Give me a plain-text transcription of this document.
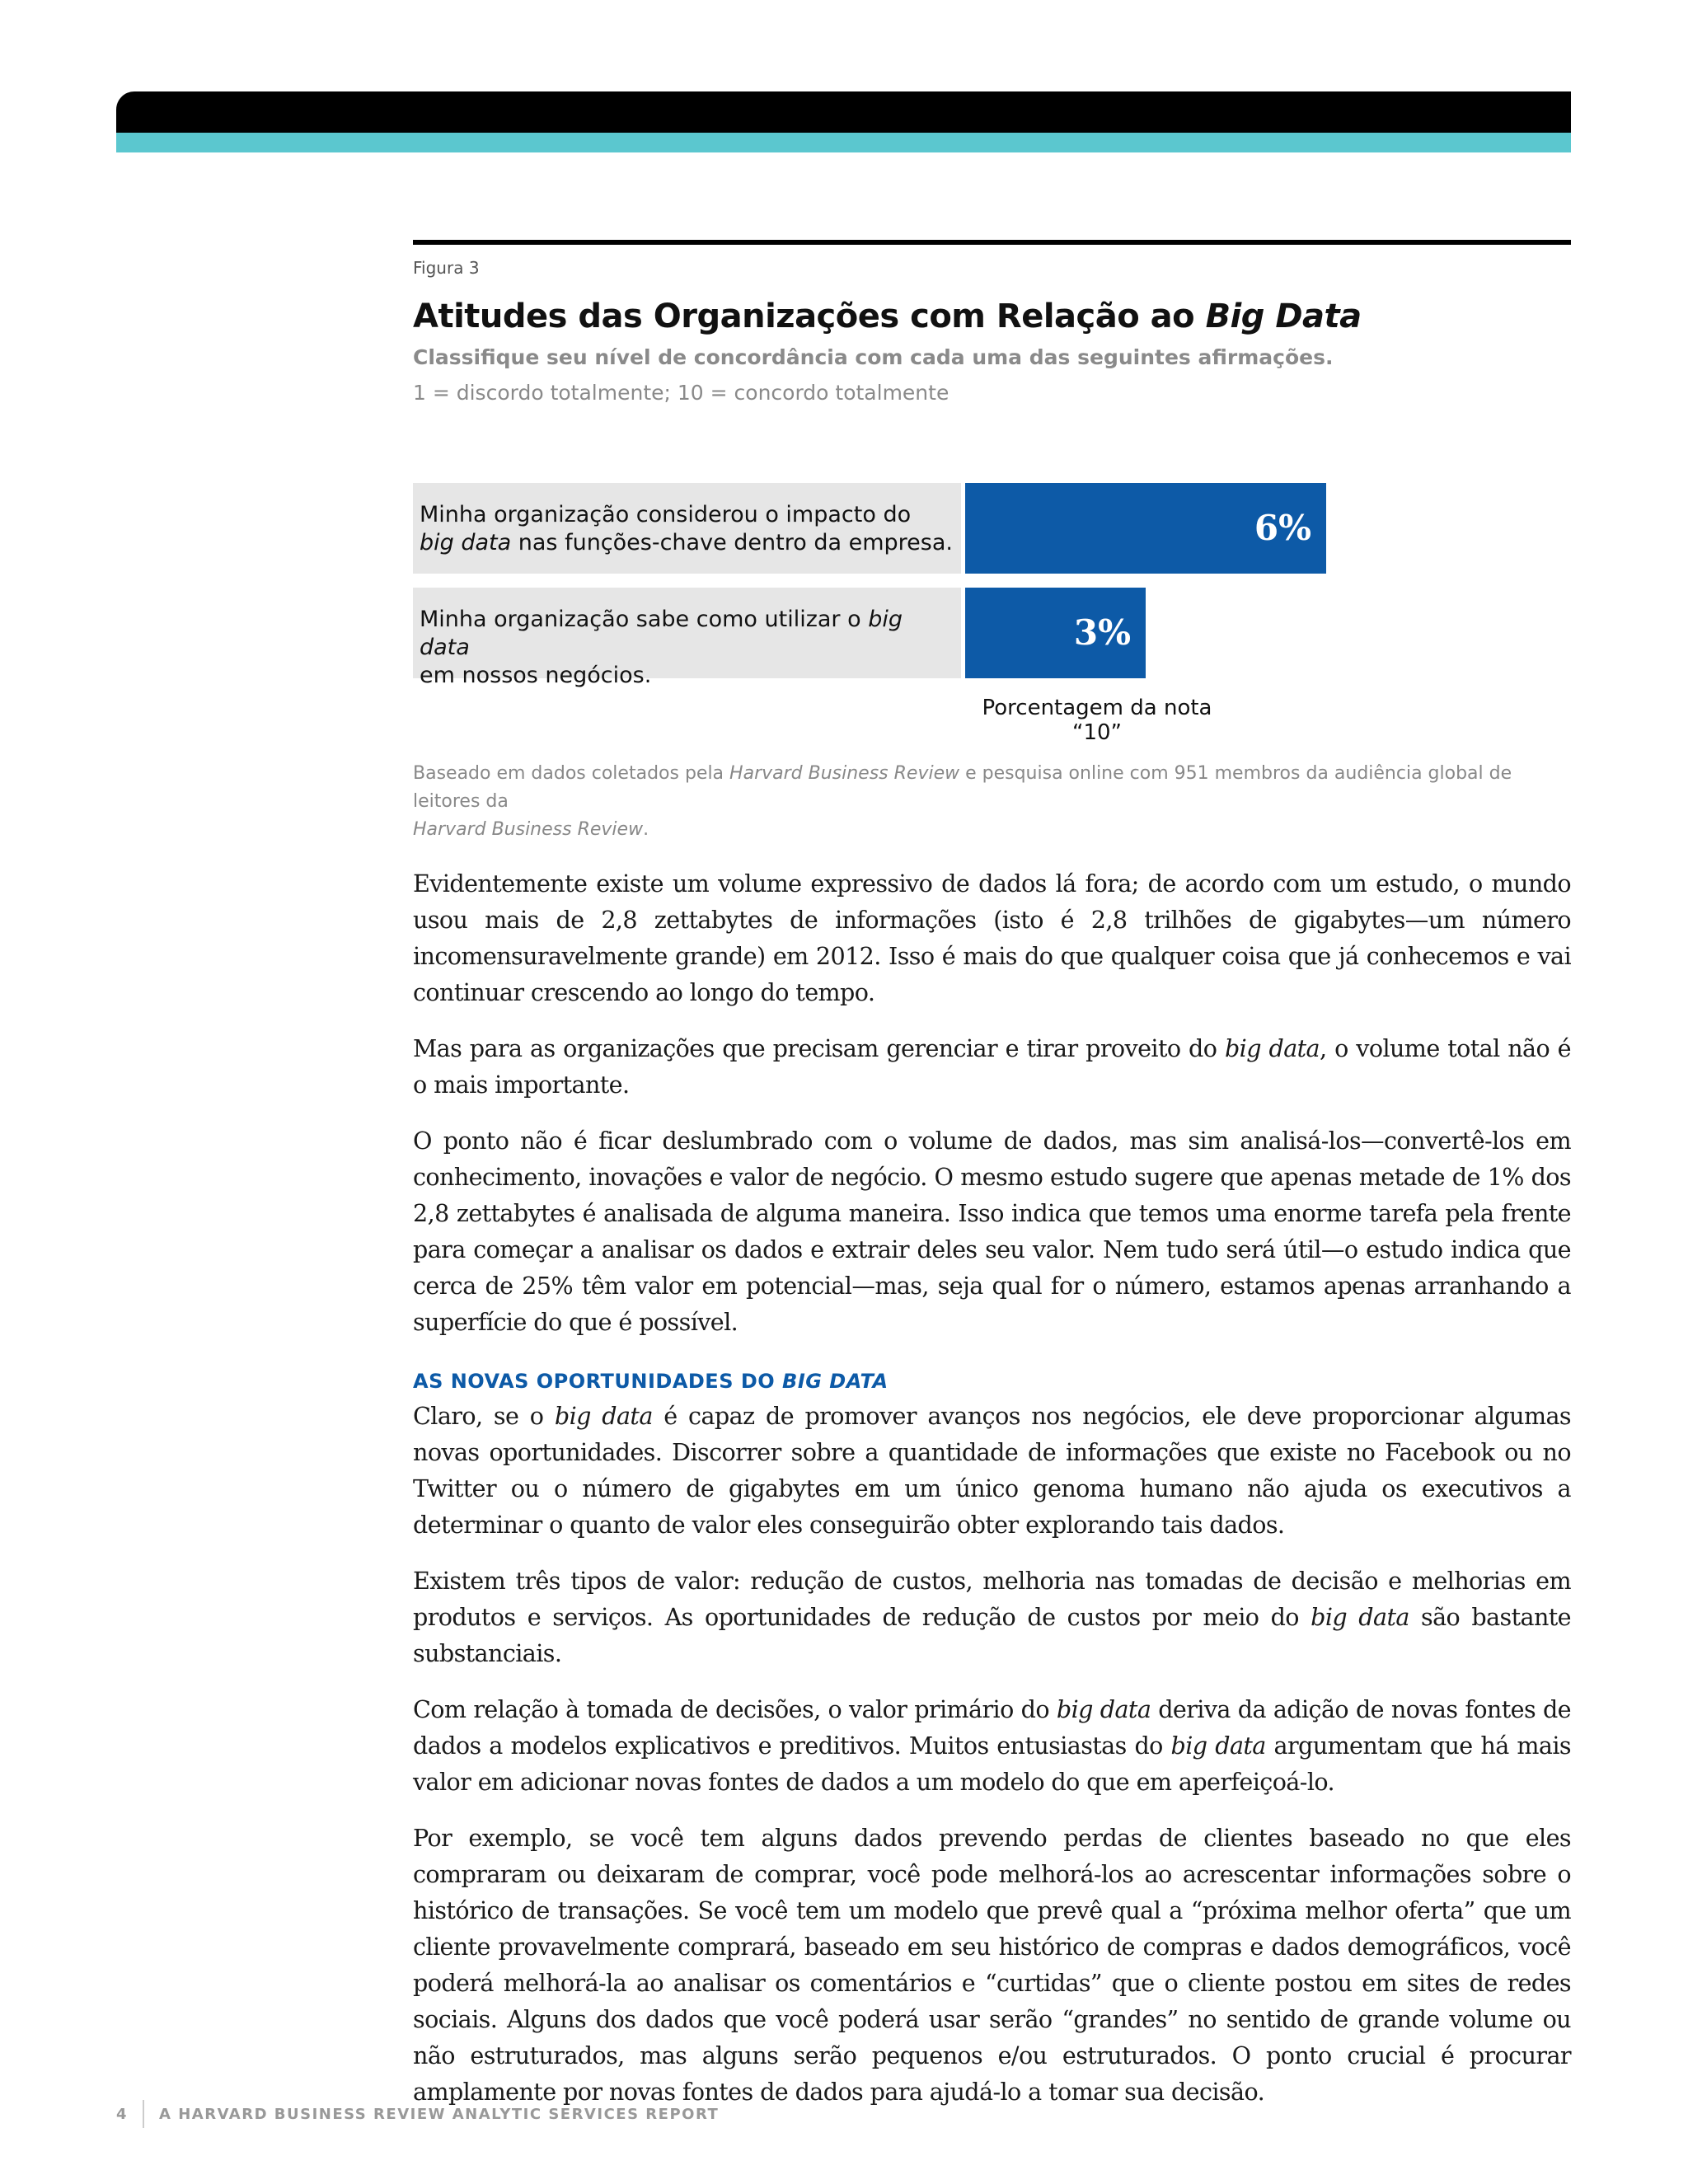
Figura 3
Atitudes das Organizações com Relação ao Big Data
Classifique seu nível de concordância com cada uma das seguintes afirmações.
1 = discordo totalmente; 10 = concordo totalmente
Minha organização considerou o impacto do
big data nas funções-chave dentro da empresa.	6%
Minha organização sabe como utilizar o big data
em nossos negócios.
3%
Porcentagem da nota “10”
Baseado em dados coletados pela Harvard Business Review e pesquisa online com 951 membros da audiência global de leitores da
Harvard Business Review.

Evidentemente existe um volume expressivo de dados lá fora; de acordo com um estudo, o mundo usou mais de 2,8 zettabytes de informações (isto é 2,8 trilhões de gigabytes—um número incomensuravelmente grande) em 2012. Isso é mais do que qualquer coisa que já conhecemos e vai continuar crescendo ao longo do tempo.

Mas para as organizações que precisam gerenciar e tirar proveito do big data, o volume total não é o mais importante.

O ponto não é ficar deslumbrado com o volume de dados, mas sim analisá-los—convertê-los em conhecimento, inovações e valor de negócio. O mesmo estudo sugere que apenas metade de 1% dos 2,8 zettabytes é analisada de alguma maneira. Isso indica que temos uma enorme tarefa pela frente para começar a analisar os dados e extrair deles seu valor. Nem tudo será útil—o estudo indica que cerca de 25% têm valor em potencial—mas, seja qual for o número, estamos apenas arranhando a superfície do que é possível.

AS NOVAS OPORTUNIDADES DO BIG DATA

Claro, se o big data é capaz de promover avanços nos negócios, ele deve proporcionar algumas novas oportunidades. Discorrer sobre a quantidade de informações que existe no Facebook ou no Twitter ou o número de gigabytes em um único genoma humano não ajuda os executivos a determinar o quanto de valor eles conseguirão obter explorando tais dados.

Existem três tipos de valor: redução de custos, melhoria nas tomadas de decisão e melhorias em produtos e serviços. As oportunidades de redução de custos por meio do big data são bastante substanciais.

Com relação à tomada de decisões, o valor primário do big data deriva da adição de novas fontes de dados a modelos explicativos e preditivos. Muitos entusiastas do big data argumentam que há mais valor em adicionar novas fontes de dados a um modelo do que em aperfeiçoá-lo.

Por exemplo, se você tem alguns dados prevendo perdas de clientes baseado no que eles compraram ou deixaram de comprar, você pode melhorá-los ao acrescentar informações sobre o histórico de transações. Se você tem um modelo que prevê qual a “próxima melhor oferta” que um cliente provavelmente comprará, baseado em seu histórico de compras e dados demográficos, você poderá melhorá-la ao analisar os comentários e “curtidas” que o cliente postou em sites de redes sociais. Alguns dos dados que você poderá usar serão “grandes” no sentido de grande volume ou não estruturados, mas alguns serão pequenos e/ou estruturados. O ponto crucial é procurar amplamente por novas fontes de dados para ajudá-lo a tomar sua decisão.

4 A HARVARD BUSINESS REVIEW ANALYTIC SERVICES REPORT
